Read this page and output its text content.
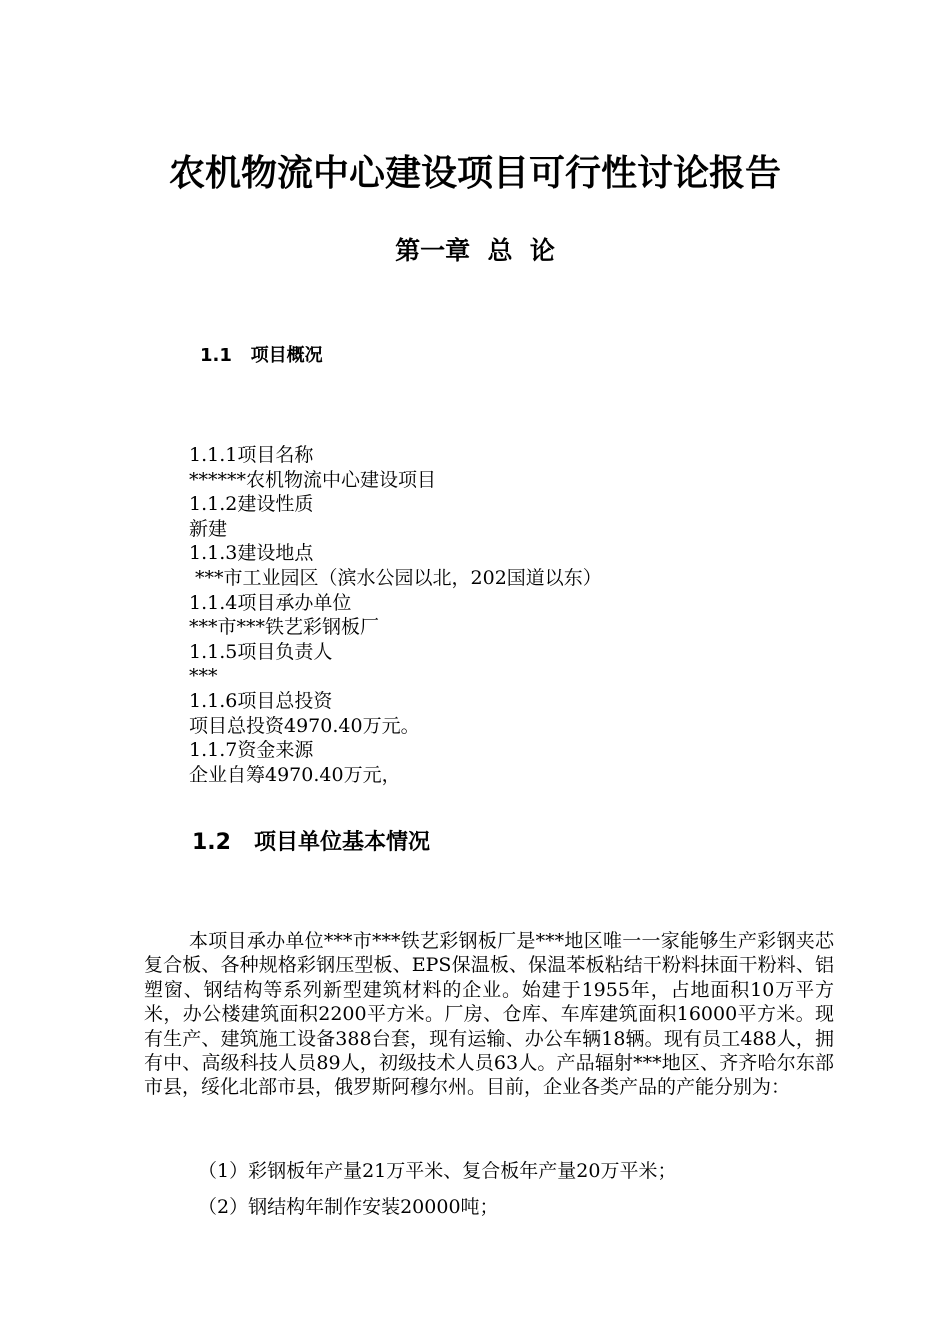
农机物流中心建设项目可行性讨论报告
第一章  总  论
1.1   项目概况
1.1.1项目名称
******农机物流中心建设项目
1.1.2建设性质
新建
1.1.3建设地点
***市工业园区（滨水公园以北，202国道以东）
1.1.4项目承办单位
***市***铁艺彩钢板厂
1.1.5项目负责人
***
1.1.6项目总投资
项目总投资4970.40万元。
1.1.7资金来源
企业自筹4970.40万元，
1.2   项目单位基本情况

本项目承办单位***市***铁艺彩钢板厂是***地区唯一一家能够生产彩钢夹芯复合板、各种规格彩钢压型板、EPS保温板、保温苯板粘结干粉料抹面干粉料、铝塑窗、钢结构等系列新型建筑材料的企业。始建于1955年，占地面积10万平方米，办公楼建筑面积2200平方米。厂房、仓库、车库建筑面积16000平方米。现有生产、建筑施工设备388台套，现有运输、办公车辆18辆。现有员工488人，拥有中、高级科技人员89人，初级技术人员63人。产品辐射***地区、齐齐哈尔东部市县，绥化北部市县，俄罗斯阿穆尔州。目前，企业各类产品的产能分别为：

（1）彩钢板年产量21万平米、复合板年产量20万平米；

（2）钢结构年制作安装20000吨；
